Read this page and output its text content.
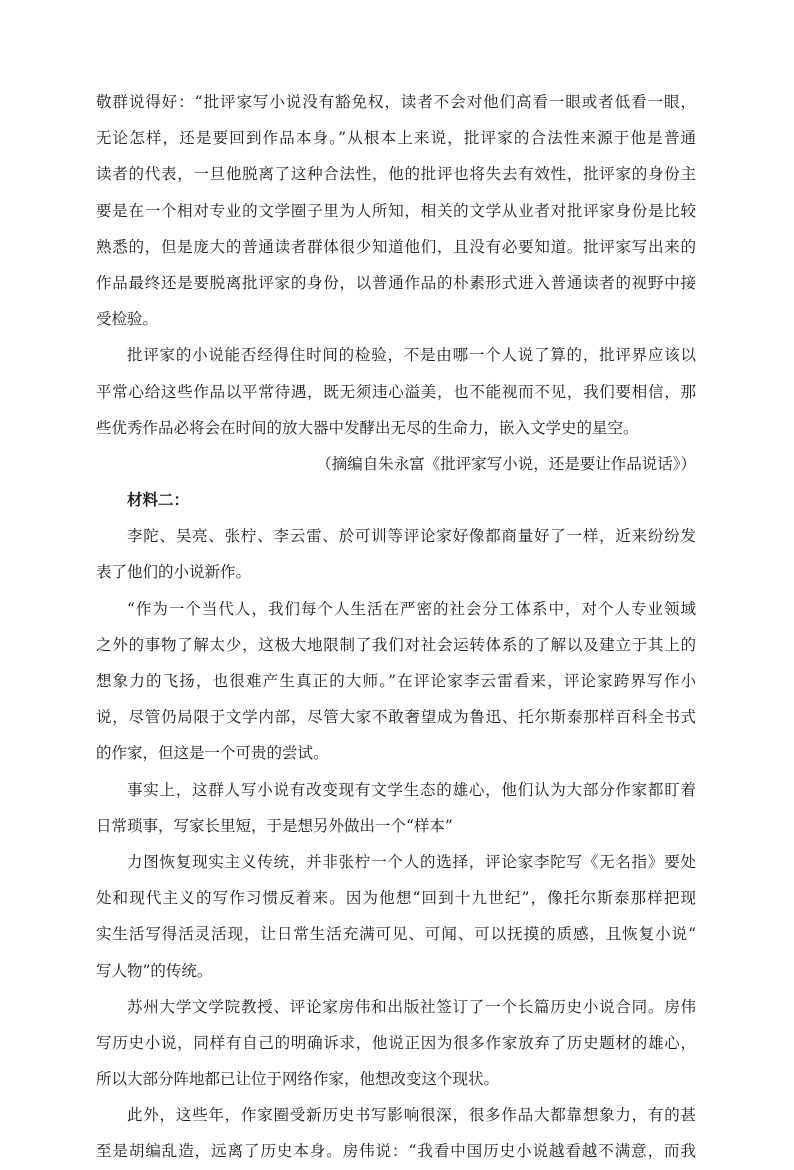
敬群说得好：“批评家写小说没有豁免权，读者不会对他们高看一眼或者低看一眼，
无论怎样，还是要回到作品本身。”从根本上来说，批评家的合法性来源于他是普通
读者的代表，一旦他脱离了这种合法性，他的批评也将失去有效性，批评家的身份主
要是在一个相对专业的文学圈子里为人所知，相关的文学从业者对批评家身份是比较
熟悉的，但是庞大的普通读者群体很少知道他们，且没有必要知道。批评家写出来的
作品最终还是要脱离批评家的身份，以普通作品的朴素形式进入普通读者的视野中接
受检验。
批评家的小说能否经得住时间的检验，不是由哪一个人说了算的，批评界应该以
平常心给这些作品以平常待遇，既无须违心溢美，也不能视而不见，我们要相信，那
些优秀作品必将会在时间的放大器中发酵出无尽的生命力，嵌入文学史的星空。
（摘编自朱永富《批评家写小说，还是要让作品说话》）
材料二：
李陀、吴亮、张柠、李云雷、於可训等评论家好像都商量好了一样，近来纷纷发
表了他们的小说新作。
“作为一个当代人，我们每个人生活在严密的社会分工体系中，对个人专业领域
之外的事物了解太少，这极大地限制了我们对社会运转体系的了解以及建立于其上的
想象力的飞扬，也很难产生真正的大师。”在评论家李云雷看来，评论家跨界写作小
说，尽管仍局限于文学内部，尽管大家不敢奢望成为鲁迅、托尔斯泰那样百科全书式
的作家，但这是一个可贵的尝试。
事实上，这群人写小说有改变现有文学生态的雄心，他们认为大部分作家都盯着
日常琐事，写家长里短，于是想另外做出一个“样本”
力图恢复现实主义传统，并非张柠一个人的选择，评论家李陀写《无名指》要处
处和现代主义的写作习惯反着来。因为他想“回到十九世纪”，像托尔斯泰那样把现
实生活写得活灵活现，让日常生活充满可见、可闻、可以抚摸的质感，且恢复小说“
写人物”的传统。
苏州大学文学院教授、评论家房伟和出版社签订了一个长篇历史小说合同。房伟
写历史小说，同样有自己的明确诉求，他说正因为很多作家放弃了历史题材的雄心，
所以大部分阵地都已让位于网络作家，他想改变这个现状。
此外，这些年，作家圈受新历史书写影响很深，很多作品大都靠想象力，有的甚
至是胡编乱造，远离了历史本身。房伟说：“我看中国历史小说越看越不满意，而我
